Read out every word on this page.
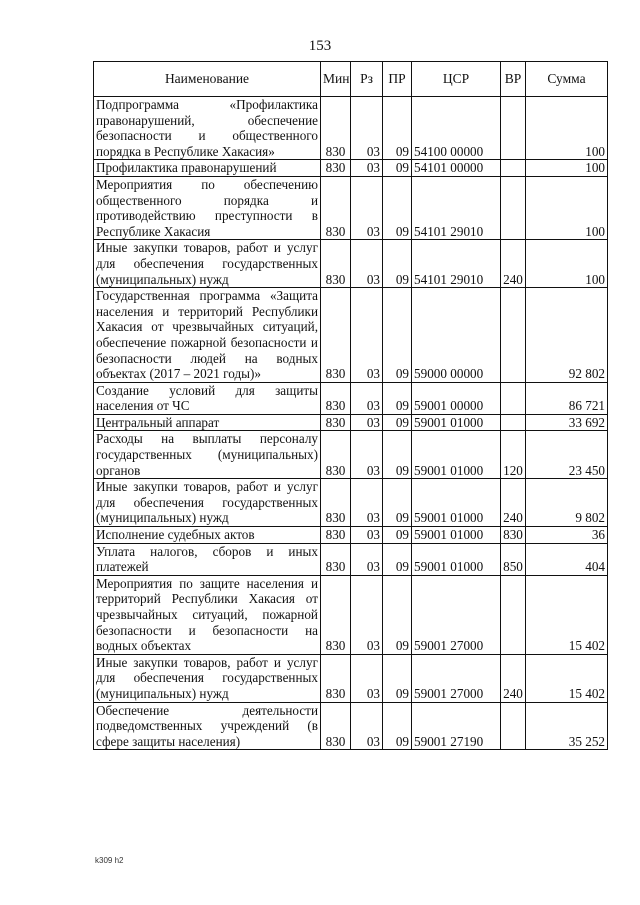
153
Наименование	Мин	Рз	ПР	ЦСР	ВР	Сумма
Подпрограмма «Профилактика правонарушений, обеспечение безопасности и общественного порядка в Республике Хакасия»	830	03	09	54100 00000		100
Профилактика правонарушений	830	03	09	54101 00000		100
Мероприятия по обеспечению общественного порядка и противодействию преступности в Республике Хакасия	830	03	09	54101 29010		100
Иные закупки товаров, работ и услуг для обеспечения государственных (муниципальных) нужд	830	03	09	54101 29010	240	100
Государственная программа «Защита населения и территорий Республики Хакасия от чрезвычайных ситуаций, обеспечение пожарной безопасности и безопасности людей на водных объектах (2017 – 2021 годы)»	830	03	09	59000 00000		92 802
Создание условий для защиты населения от ЧС	830	03	09	59001 00000		86 721
Центральный аппарат	830	03	09	59001 01000		33 692
Расходы на выплаты персоналу государственных (муниципальных) органов	830	03	09	59001 01000	120	23 450
Иные закупки товаров, работ и услуг для обеспечения государственных (муниципальных) нужд	830	03	09	59001 01000	240	9 802
Исполнение судебных актов	830	03	09	59001 01000	830	36
Уплата налогов, сборов и иных платежей	830	03	09	59001 01000	850	404
Мероприятия по защите населения и территорий Республики Хакасия от чрезвычайных ситуаций, пожарной безопасности и безопасности на водных объектах	830	03	09	59001 27000		15 402
Иные закупки товаров, работ и услуг для обеспечения государственных (муниципальных) нужд	830	03	09	59001 27000	240	15 402
Обеспечение деятельности подведомственных учреждений (в сфере защиты населения)	830	03	09	59001 27190		35 252
k309 h2
